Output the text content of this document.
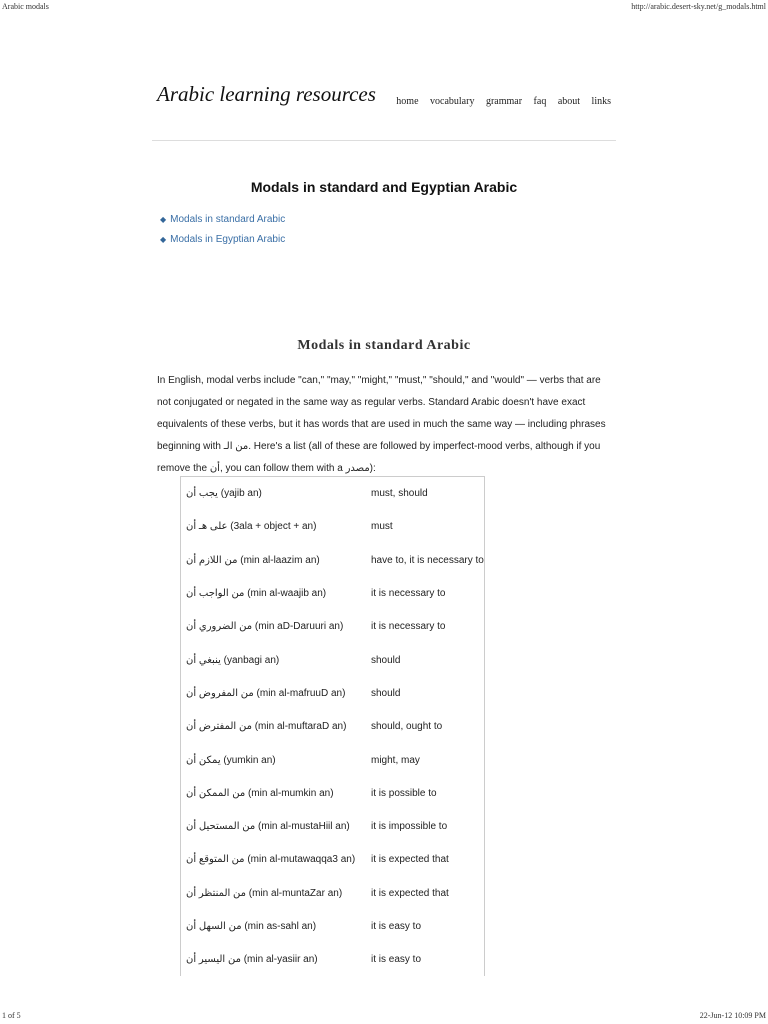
Arabic modals	http://arabic.desert-sky.net/g_modals.html
Arabic learning resources	home vocabulary grammar faq about links
Modals in standard and Egyptian Arabic
◆ Modals in standard Arabic
◆ Modals in Egyptian Arabic
Modals in standard Arabic

In English, modal verbs include "can," "may," "might," "must," "should," and "would" — verbs that are not conjugated or negated in the same way as regular verbs. Standard Arabic doesn't have exact equivalents of these verbs, but it has words that are used in much the same way — including phrases beginning with من الـ. Here's a list (all of these are followed by imperfect-mood verbs, although if you remove the أن, you can follow them with a مصدر):

يجب أن (yajib an)	must, should
على هـ أن (3ala + object + an)	must
من اللازم أن (min al-laazim an)	have to, it is necessary to
من الواجب أن (min al-waajib an)	it is necessary to
من الضروري أن (min aD-Daruuri an)	it is necessary to
ينبغي أن (yanbagi an)	should
من المفروض أن (min al-mafruuD an)	should
من المفترض أن (min al-muftaraD an)	should, ought to
يمكن أن (yumkin an)	might, may
من الممكن أن (min al-mumkin an)	it is possible to
من المستحيل أن (min al-mustaHiil an)	it is impossible to
من المتوقع أن (min al-mutawaqqa3 an)	it is expected that
من المنتظر أن (min al-muntaZar an)	it is expected that
من السهل أن (min as-sahl an)	it is easy to
من اليسير أن (min al-yasiir an)	it is easy to
1 of 5	22-Jun-12 10:09 PM
